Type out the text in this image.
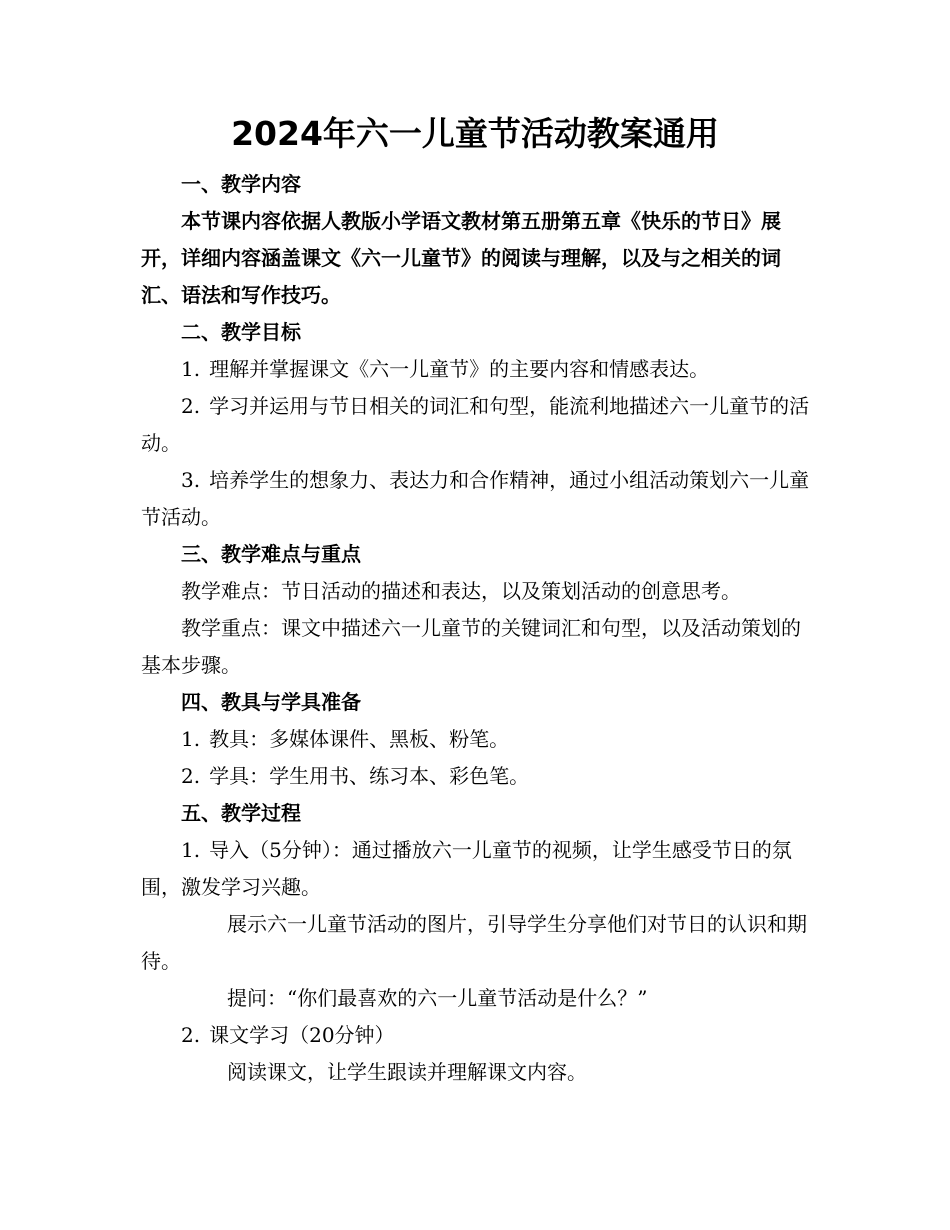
2024年六一儿童节活动教案通用

一、教学内容

本节课内容依据人教版小学语文教材第五册第五章《快乐的节日》展开，详细内容涵盖课文《六一儿童节》的阅读与理解，以及与之相关的词汇、语法和写作技巧。

二、教学目标

1. 理解并掌握课文《六一儿童节》的主要内容和情感表达。

2. 学习并运用与节日相关的词汇和句型，能流利地描述六一儿童节的活动。

3. 培养学生的想象力、表达力和合作精神，通过小组活动策划六一儿童节活动。

三、教学难点与重点

教学难点：节日活动的描述和表达，以及策划活动的创意思考。

教学重点：课文中描述六一儿童节的关键词汇和句型，以及活动策划的基本步骤。

四、教具与学具准备

1. 教具：多媒体课件、黑板、粉笔。

2. 学具：学生用书、练习本、彩色笔。

五、教学过程

1. 导入（5分钟）：通过播放六一儿童节的视频，让学生感受节日的氛围，激发学习兴趣。

展示六一儿童节活动的图片，引导学生分享他们对节日的认识和期待。

提问：“你们最喜欢的六一儿童节活动是什么？”

2. 课文学习（20分钟）

阅读课文，让学生跟读并理解课文内容。
